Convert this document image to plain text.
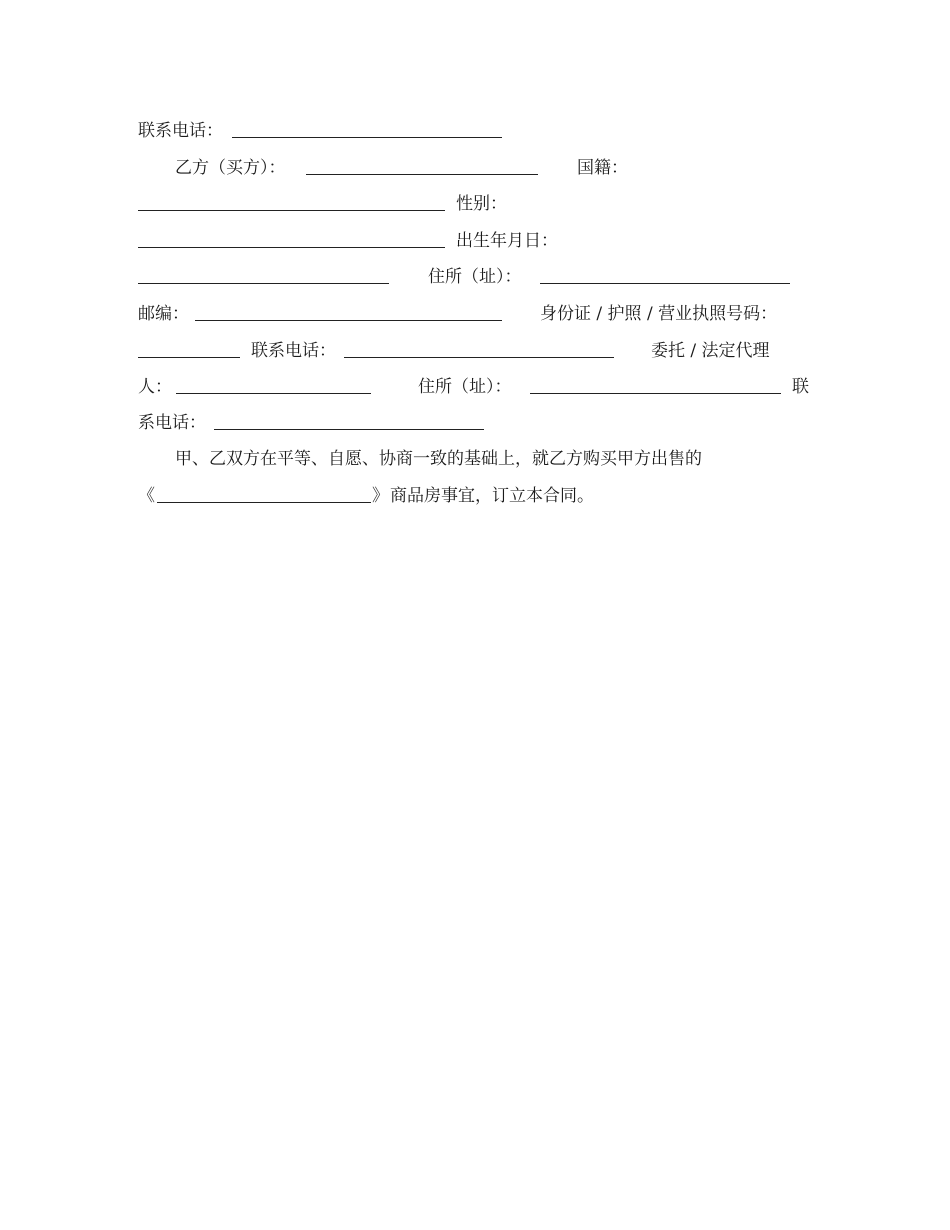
联系电话：

乙方（买方）：

	国籍：

性别：

出生年月日：

住所（址）：

邮编：

	身份证 / 护照 / 营业执照号码：

联系电话：

	委托 / 法定代理

人：

	住所（址）：

	联

系电话：

甲、乙双方在平等、自愿、协商一致的基础上，就乙方购买甲方出售的

《

	》

商品房事宜，订立本合同。
